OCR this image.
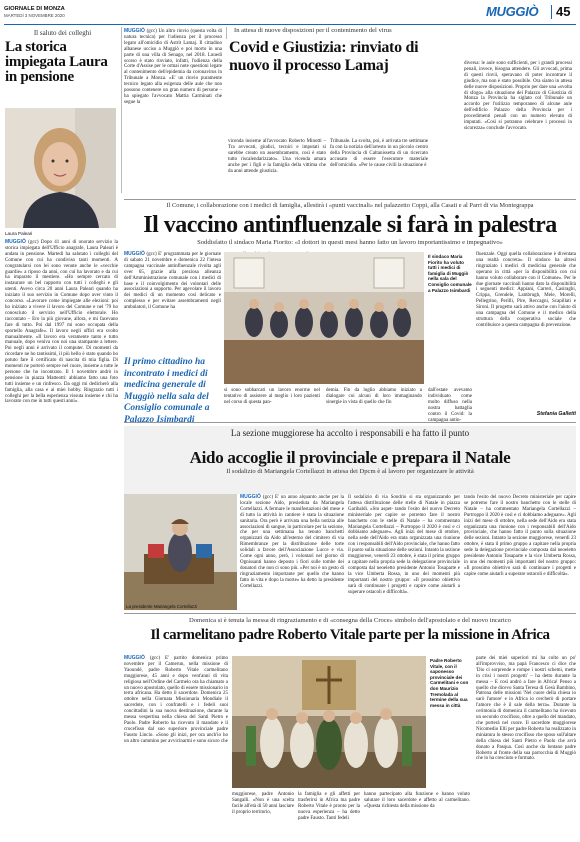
GIORNALE DI MONZA
MARTEDÌ 3 NOVEMBRE 2020	MUGGIÒ 45
Il saluto dei colleghi
La storica impiegata Laura in pensione
Laura Paleari
MUGGIÒ (gcc) Dopo 41 anni di onorato servizio la storica impiegata dell'Ufficio anagrafe, Laura Paleari è andata in pensione. Martedì ha salutato i colleghi del Comune con cui ha condiviso tanti momenti. A congratularsi con lei sono venute anche le «vecchie guardie» a riposo da anni, con cui ha lavorato e da cui ha imparato il mestiere. «Ho sempre cercato di instaurare un bel rapporto con tutti i colleghi e gli utenti. Avevo circa 20 anni Laura Paleari quando ha iniziato il suo servizio in Comune dopo aver vinto il concorso. «Lavorare come impiegate alle elezioni: poi ho iniziato a vivere il lavoro del Comune e nel '79 ho conosciuto il servizio nell'Ufficio elettorale. Ho raccontato – Ero la più giovane, allora, e mi facevano fare di tutto. Poi dal 1997 mi sono occupata della sportello Anagrafe». Il lavoro negli uffici era svolto manualmente. «Il lavoro era veramente tanto e tutto manuale, dopo veniva con noi una stampante a lettere. Poi negli anni è arrivato il computer. Di momenti da ricordare ne ho tantissimi, il più bello è stato quando ho potuto fare il certificato di nascita di mia figlia. Di momenti ne porterò sempre nel cuore, insieme a tutte le persone che ho incontrato. Il 1 novembre andrò in pensione in piazza Matteotti: abbiamo fatto una foto tutti insieme e un rinfresco. Da oggi mi dedicherò alla famiglia, alla casa e ai miei hobby. Ringrazio tutti i colleghi per la bella esperienza vissuta insieme e chi ha lavorato con me in tutti questi anni».
In attesa di nuove disposizioni per il contenimento del virus
Covid e Giustizia: rinviato di nuovo il processo Lamaj
MUGGIÒ (gcc) Un altro rinvio (questa volta di natura tecnica) per l'udienza per il processo legato all'omicidio di Astrit Lamaj. Il cittadino albanese ucciso a Muggiò e poi morto in una parte di una villa di Senago, nel 2018. Lunedì scorso è stato rinviato, infatti, l'udienza della Corte d'Assise per le ormai note questioni legate al contenimento dell'epidemia da coronavirus in Tribunale a Monza. «E' un rinvio puramente tecnico legato alla esigenza delle aule che non possono contenere un gran numero di persone – ha spiegato l'avvocato Mattia Carminati che segue la
vicenda insieme all'avvocato Roberto Minotti – Tra avvocati, giudici, tecnici e imputati si sarebbe creato un assembramento, così è stato tutto riscalendarizzato». Una vicenda amara anche per i figli e la famiglia della vittima che da anni attende giustizia.
Tribunale. La svolta, poi, è arrivata tre settimane fa con la notizia dell'arresto in un piccolo centro della Provincia di Caltanissetta di un ricercato accusato di essere l'esecutore materiale dell'omicidio. «Per le cause civili la situazione è
diversa: le aule sono sufficienti, per i grandi processi penali, invece, bisogna attendere. Gli avvocati, prima di questi rinvii, speravano di poter incontrare il giudice, ma non è stato possibile. Ora siamo in attesa delle nuove disposizioni. Proprio per dare una «svolta di sfogo» alla situazione del Palazzo di Giustizia di Monza la Provincia ha siglato col Tribunale un accordo per l'utilizzo temporaneo di alcune aule dell'edificio Palazzo della Provincia per i procedimenti penali con un numero elevato di imputati. «Così si potranno celebrare i processi in sicurezza» conclude l'avvocato.
Il Comune, i collaborazione con i medici di famiglia, allestirà i «punti vaccinali» nel palazzetto Coppi, alla Casati e al Parri di via Montegrappa
Il vaccino antinfluenzale si farà in palestra
Soddisfatto il sindaco Maria Fiorito: «I dottori in questi mesi hanno fatto un lavoro importantissimo e impegnativo»
MUGGIÒ (gcc) E' programmata per le giornate di sabato 21 novembre e domenica 22 l'intesa campagna vaccinale antinfluenzale rivolta agli over 65, grazie alla preziosa alleanza dell'Amministrazione comunale con i medici di base e il coinvolgimento dei volontari delle associazioni a supporto. Per agevolare il lavoro dei medici di un momento così delicato e complesso e per evitare assembramenti negli ambulatori, il Comune ha
Il primo cittadino ha incontrato i medici di medicina generale di Muggiò nella sala del Consiglio comunale a Palazzo Isimbardi
Il sindaco Maria Fiorito ha voluto tutti i medici di famiglia di Muggiò nella sala del Consiglio comunale a Palazzo Isimbardi
si sono sobbarcati un lavoro enorme nel tentativo di assistere al meglio i loro pazienti nel corso di questa pan-
demia. Fin da luglio abbiamo iniziato a dialogare coi alcuni di loro immaginando sinergie in vista di quello che fin
dall'estate avevamo individuato come molto diffuso nella nostra battaglia contro il Covid: la campagna antin-
fluenzale. Oggi quella collaborazione è diventata una realtà concreta». Il sindaco ha altresì ringraziato i medici di medicina generale che operano in città «per la disponibilità con cui hanno voluto collaborare con il Comune». Per le due giornate vaccinali hanno dato la disponibilità i seguenti medici: Appiani, Carreri, Casiraghi, Crippa, Grendele, Lambrugh, Mele, Morelli, Pellegrino, Perilli, Pire, Reccagni, Scapillati e Sironi. Il progetto sarà attivo anche con l'aiuto di una campagna del Comune e il medico della struttura della cooperativa sociale che contribuisce a questa campagna di prevenzione.
Stefania Galletti
La sezione muggiorese ha accolto i responsabili e ha fatto il punto
Aido accoglie il provinciale e prepara il Natale
Il sodalizio di Mariangela Cortellazzi in attesa dei Dpcm è al lavoro per organizzare le attività
La presidente Mariangela Cortellazzi
MUGGIÒ (gcc) E' un anno alquanto anche per la locale sezione Aido, presieduta da Mariangela Cortellazzi. A fermare le manifestazioni del mese e di tutto la attività in cantiere è stata la situazione sanitaria. Ora però è arrivata una bella notizia alle associazioni di sangue, in particolare per la sezione, che per una settimana ha tenuto banchetti organizzati da Aido all'esterno del cimitero di via Rimembranze per la distribuzione delle torte solidali a favore dell'Associazione Lucce e via. Come ogni anno, però, i volontari nel giorno di Ognissanti hanno deposto i fiori sulle tombe dei donatori che non ci sono più. «Per noi è un gesto di ringraziamento importante per quello che hanno fatto in vita e dopo la morte» ha detto la presidente Cortellazzi.
Il sodalizio di via Sondrio si sta organizzando per l'attesa distribuzione delle stelle di Natale in piazza Garibaldi. «Sto aspet- tando l'esito del nuovo Decreto ministeriale per capire se potremo fare il nostro banchetto con le stelle di Natale – ha commentato Mariangela Cortellazzi – Purtroppo il 2020 è così e ci dobbiamo adeguare». Agli inizi del mese di ottobre, nella sede dell'Aido era stata organizzata una riunione con i responsabili dell'Aido provinciale, che hanno fatto il punto sulla situazione delle sezioni. Intanto la sezione muggiorese, venerdì 23 ottobre, è stata il primo gruppo a capitare nella propria sede la delegazione provinciale composta dal neoeletto presidente Antonio Tosaparte e la vice Umberta Rossa, in uno dei momenti più importanti del nostro gruppo: «Il prossimo obiettivo sarà di continuare i progetti e capire come aiutarli a superare ostacoli e difficoltà».
tando l'esito del nuovo Decreto ministeriale per capire se potremo fare il nostro banchetto con le stelle di Natale – ha commentato Mariangela Cortellazzi – Purtroppo il 2020 è così e ci dobbiamo adeguare». Agli inizi del mese di ottobre, nella sede dell'Aido era stata organizzata una riunione con i responsabili dell'Aido provinciale, che hanno fatto il punto sulla situazione delle sezioni. Intanto la sezione muggiorese, venerdì 23 ottobre, è stata il primo gruppo a capitare nella propria sede la delegazione provinciale composta dal neoeletto presidente Antonio Tosaparte e la vice Umberta Rossa, in uno dei momenti più importanti del nostro gruppo: «Il prossimo obiettivo sarà di continuare i progetti e capire come aiutarli a superare ostacoli e difficoltà».
Domenica si è tenuta la messa di ringraziamento e di «consegna della Croce» simbolo dell'apostolato e del nuovo incarico
Il carmelitano padre Roberto Vitale parte per la missione in Africa
MUGGIÒ (gcc) E' partito domenica primo novembre per il Camerun, nella missione di Yaoundé, padre Roberto Vitale carmelitano muggiorese, 45 anni e dopo vent'anni di vita religiosa nell'Ordine del Carmelo ora ha chiamato a un nuovo apostolato, quello di essere missionario in terra africana. Ha detto il sacerdote. Domenica 25 ottobre nella Giornata Missionaria Mondiale il sacerdote, con i confratelli e i fedeli suoi concittadini la sua nuova destinazione, durante la messa vespertina nella chiesa del Santi Pietro e Paolo. Padre Roberto ha ricevuto il mandato e il crocefisso dal suo superiore provinciale padre Fausto Lincio. «Sono gli inizi, per ora anch'io ho un altro cammino per avvicinarmi e sono sicuro che
Padre Roberto Vitale, con il saponesso provinciale dei Carmelitani e con don Maurizio Tremolada al termine della sua messa in città
muggiorese, padre Antonio Sangalli. «Non è una scelta facile all'età di 50 anni lasciare il proprio territorio,
la famiglia e gli affetti per trasferirsi in Africa ma padre Roberto Vitale è pronto per la nuova esperienza – ha detto padre Fausto. Tanti fedeli
hanno partecipato alla funzione e hanno voluto salutare il loro sacerdote e affetto al carmelitano. «Questa richiesta della missione da
parte dei miei superiori mi ha colto un po' all'improvviso, ma papà Francesco ci dice che 'Dio ci sorprende e rompe i nostri schemi, mette in crisi i nostri progetti' – ha detto durante la messa – E così andrò a fare in Africa! Penso a quello che dicevo Santa Teresa di Gesù Bambino, Patrona delle missioni 'Nel cuore della chiesa io sarò l'amore' e in Africa io cercherò di portare l'amore che è il sale della terra». Durante la cerimonia di domenica il carmelitano ha ricevuto un secondo crocifisso, oltre a quello del mandato, che porterà nel cuore. Il sacerdote muggiorese Nicomedio Elli per padre Roberto ha realizzato in miniatura lo stesso crocifisso che sposo sull'altare della chiesa del Santi Pietro e Paolo che avrà donato a Pasqua. Così anche da lontano padre Roberto al fronte della sua parrocchia di Muggiò che lo ha cresciuto e formato.
